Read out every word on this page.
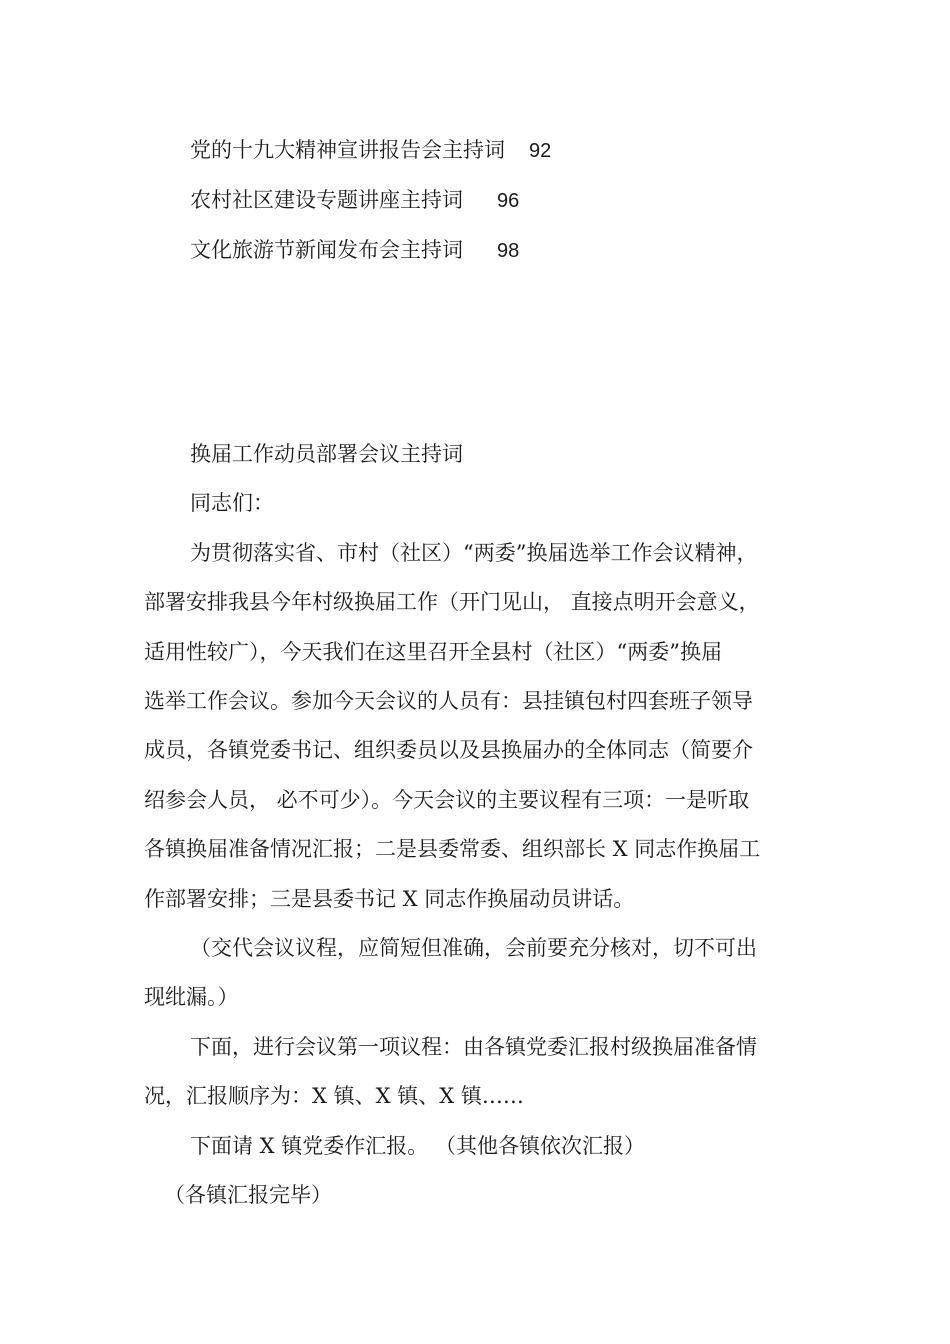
党的十九大精神宣讲报告会主持词 92
农村社区建设专题讲座主持词 96
文化旅游节新闻发布会主持词 98

换届工作动员部署会议主持词

同志们：

为贯彻落实省、市村（社区）“两委”换届选举工作会议精神，
部署安排我县今年村级换届工作（开门见山， 直接点明开会意义，
适用性较广），今天我们在这里召开全县村（社区）“两委”换届
选举工作会议。参加今天会议的人员有：县挂镇包村四套班子领导
成员，各镇党委书记、组织委员以及县换届办的全体同志（简要介
绍参会人员， 必不可少）。今天会议的主要议程有三项：一是听取
各镇换届准备情况汇报；二是县委常委、组织部长 X 同志作换届工
作部署安排；三是县委书记 X 同志作换届动员讲话。
（交代会议议程，应简短但准确，会前要充分核对，切不可出
现纰漏。）
下面，进行会议第一项议程：由各镇党委汇报村级换届准备情
况，汇报顺序为：X 镇、X 镇、X 镇……

下面请 X 镇党委作汇报。 （其他各镇依次汇报）

（各镇汇报完毕）
